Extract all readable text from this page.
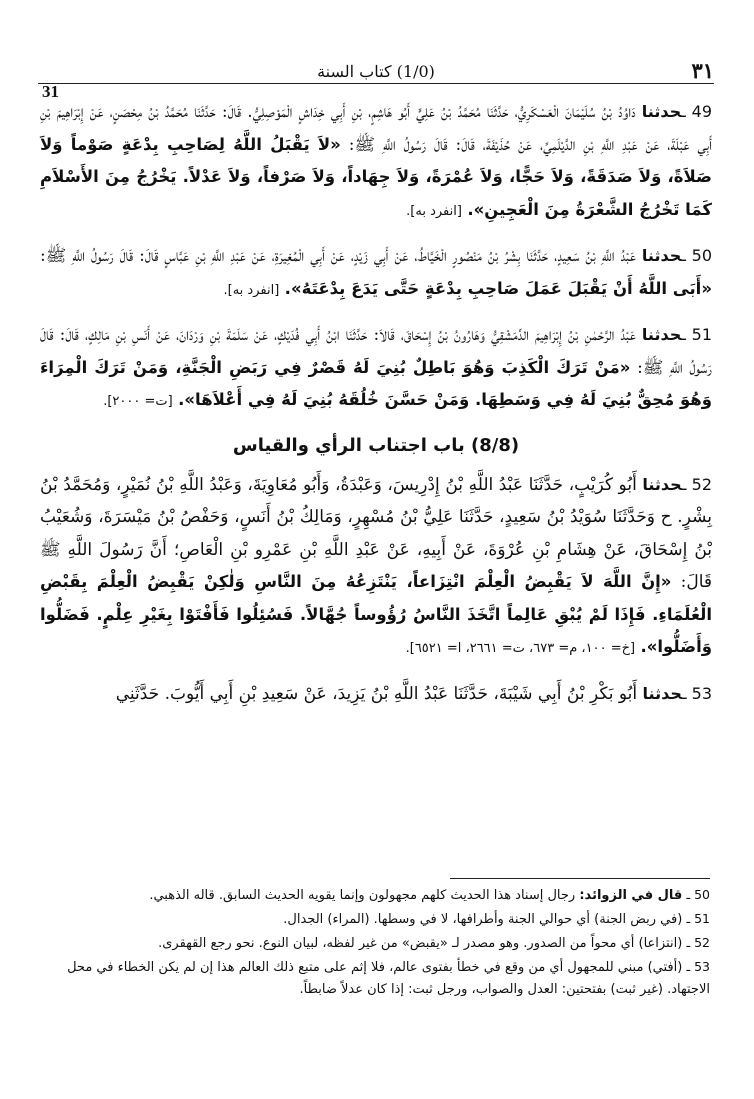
٣١
(1/0) كتاب السنة
31

49 ـحدثنا دَاوُدُ بْنُ سُلَيْمَانَ الْعَسْكَرِيُّ، حَدَّثَنَا مُحَمَّدُ بْنُ عَلِيٍّ أَبُو هَاشِمٍ، بْنِ أَبِي خِدَاشٍ الْمَوْصِلِيُّ. قَالَ: حَدَّثَنَا مُحَمَّدُ بْنُ مِحْصَنٍ، عَنْ إِبْرَاهِيمَ بْنِ أَبِي عَبْلَةَ، عَنْ عَبْدِ اللَّهِ بْنِ الدَّيْلَمِيِّ، عَنْ حُذَيْفَةَ، قَالَ: قَالَ رَسُولُ اللَّهِ ﷺ: «لاَ يَقْبَلُ اللَّهُ لِصَاحِبِ بِدْعَةٍ صَوْماً وَلاَ صَلاَةً، وَلاَ صَدَقَةً، وَلاَ حَجًّا، وَلاَ عُمْرَةً، وَلاَ جِهَاداً، وَلاَ صَرْفاً، وَلاَ عَدْلاً. يَخْرُجُ مِنَ الأَسْلاَمِ كَمَا تَخْرُجُ الشَّعْرَةُ مِنَ الْعَجِينِ». [انفرد به].

50 ـحدثنا عَبْدُ اللَّهِ بْنُ سَعِيدٍ، حَدَّثَنَا بِشْرُ بْنُ مَنْصُورٍ الْخَيَّاطُ، عَنْ أَبِي زَيْدٍ، عَنْ أَبِي الْمُغِيرَةِ، عَنْ عَبْدِ اللَّهِ بْنِ عَبَّاسٍ قَالَ: قَالَ رَسُولُ اللَّهِ ﷺ: «أَبَى اللَّهُ أَنْ يَقْبَلَ عَمَلَ صَاحِبِ بِدْعَةٍ حَتَّى يَدَعَ بِدْعَتَهُ». [انفرد به].

51 ـحدثنا عَبْدُ الرَّحْمٰنِ بْنُ إِبْرَاهِيمَ الدِّمَشْقِيُّ وَهَارُونُ بْنُ إِسْحَاقَ، قَالاَ: حَدَّثَنَا ابْنُ أَبِي فُدَيْكٍ، عَنْ سَلَمَةَ بْنِ وَرْدَانَ، عَنْ أَنَسِ بْنِ مَالِكٍ، قَالَ: قَالَ رَسُولُ اللَّهِ ﷺ: «مَنْ تَرَكَ الْكَذِبَ وَهُوَ بَاطِلٌ بُنِيَ لَهُ قَصْرٌ فِي رَبَضِ الْجَنَّةِ، وَمَنْ تَرَكَ الْمِرَاءَ وَهُوَ مُحِقٌّ بُنِيَ لَهُ فِي وَسَطِهَا. وَمَنْ حَسَّنَ خُلُقَهُ بُنِيَ لَهُ فِي أَعْلاَهَا». [ت= ٢٠٠٠].

(8/8) باب اجتناب الرأي والقياس

52 ـحدثنا أَبُو كُرَيْبٍ، حَدَّثَنَا عَبْدُ اللَّهِ بْنُ إِدْرِيسَ، وَعَبْدَةُ، وَأَبُو مُعَاوِيَةَ، وَعَبْدُ اللَّهِ بْنُ نُمَيْرٍ، وَمُحَمَّدُ بْنُ بِشْرٍ. ح وَحَدَّثَنَا سُوَيْدُ بْنُ سَعِيدٍ، حَدَّثَنَا عَلِيُّ بْنُ مُسْهِرٍ، وَمَالِكُ بْنُ أَنَسٍ، وَحَفْصُ بْنُ مَيْسَرَةَ، وَشُعَيْبُ بْنُ إِسْحَاقَ، عَنْ هِشَامِ بْنِ عُرْوَةَ، عَنْ أَبِيهِ، عَنْ عَبْدِ اللَّهِ بْنِ عَمْرِو بْنِ الْعَاصِ؛ أَنَّ رَسُولَ اللَّهِ ﷺ قَالَ: «إِنَّ اللَّهَ لاَ يَقْبِضُ الْعِلْمَ انْتِزَاعاً، يَنْتَزِعُهُ مِنَ النَّاسِ وَلٰكِنْ يَقْبِضُ الْعِلْمَ بِقَبْضِ الْعُلَمَاءِ. فَإِذَا لَمْ يُبْقِ عَالِماً اتَّخَذَ النَّاسُ رُؤُوساً جُهَّالاً. فَسُئِلُوا فَأَفْتَوْا بِغَيْرِ عِلْمٍ. فَضَلُّوا وَأَضَلُّوا». [خ= ١٠٠، م= ٦٧٣، ت= ٢٦٦١، ا= ٦٥٢١].

53 ـحدثنا أَبُو بَكْرِ بْنُ أَبِي شَيْبَةَ، حَدَّثَنَا عَبْدُ اللَّهِ بْنُ يَزِيدَ، عَنْ سَعِيدِ بْنِ أَبِي أَيُّوبَ. حَدَّثَنِي

50 ـ قال في الزوائد: رجال إسناد هذا الحديث كلهم مجهولون وإنما يقويه الحديث السابق. قاله الذهبي.

51 ـ (في ربض الجنة) أي حوالي الجنة وأطرافها، لا في وسطها. (المراء) الجدال.

52 ـ (انتزاعا) أي محواً من الصدور. وهو مصدر لـ «يقبض» من غير لفظه، لبيان النوع. نحو رجع القهقرى.

53 ـ (أفتي) مبني للمجهول أي من وقع في خطأ بفتوى عالم، فلا إثم على متبع ذلك العالم هذا إن لم يكن الخطاء في محل الاجتهاد. (غير ثبت) بفتحتين: العدل والصواب، ورجل ثبت: إذا كان عدلاً ضابطاً.
